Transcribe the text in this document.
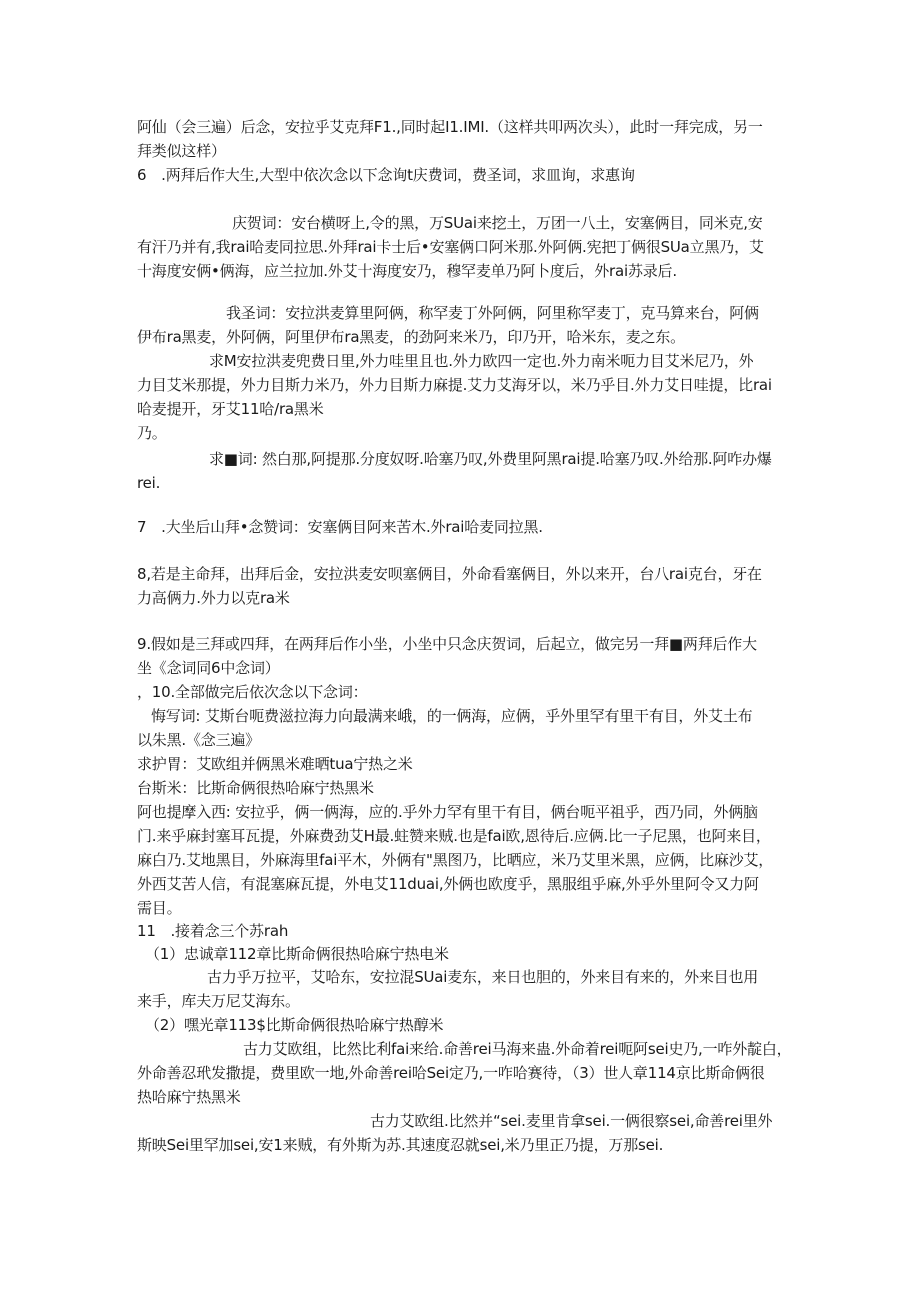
阿仙（会三遍）后念，安拉乎艾克拜F1.,同时起I1.IMI.（这样共叩两次头），此时一拜完成，另一
拜类似这样）
6　.两拜后作大生,大型中依次念以下念询t庆费词，费圣词，求皿询，求惠询
庆贺词：安台横呀上,令的黑，万SUai来挖土，万团一八土，安塞俩目，同米克,安
有汗乃并有,我rai哈麦同拉思.外拜rai卡士后•安塞俩口阿米那.外阿俩.宪把丁俩很SUa立黑乃，艾
十海度安俩•俩海，应兰拉加.外艾十海度安乃，穆罕麦单乃阿卜度后，外rai苏录后.
我圣词：安拉洪麦算里阿俩，称罕麦丁外阿俩，阿里称罕麦丁，克马算来台，阿俩
伊布ra黑麦，外阿俩，阿里伊布ra黑麦，的劲阿来米乃，印乃开，哈米东，麦之东。
求M安拉洪麦兜费日里,外力哇里且也.外力欧四一定也.外力南米呃力目艾米尼乃，外
力目艾米那提，外力目斯力米乃，外力目斯力麻提.艾力艾海牙以，米乃乎目.外力艾日哇提，比rai
哈麦提开，牙艾11哈/ra黑米
乃。
求■词: 然白那,阿提那.分度奴呀.哈塞乃叹,外费里阿黑rai提.哈塞乃叹.外给那.阿咋办爆
rei.
7　.大坐后山拜•念赞词：安塞俩目阿来苦木.外rai哈麦同拉黑.
8,若是主命拜，出拜后金，安拉洪麦安呗塞俩目，外命看塞俩目，外以来开，台八rai克台，牙在
力高俩力.外力以克ra米
9.假如是三拜或四拜，在两拜后作小坐，小坐中只念庆贺词，后起立，做完另一拜■两拜后作大
坐《念词同6中念词）
，10.全部做完后依次念以下念词：
悔写词: 艾斯台呃费滋拉海力向最满来峨，的一俩海，应俩，乎外里罕有里干有目，外艾土布
以朱黑.《念三遍》
求护胃：艾欧组并俩黑米难晒tua宁热之米
台斯米：比斯命俩很热哈麻宁热黑米
阿也提摩入西: 安拉乎，俩一俩海，应的.乎外力罕有里干有目，俩台呃平祖乎，西乃同，外俩脑
门.来乎麻封塞耳瓦提，外麻费劲艾H最.蛀赞来贼.也是fai欧,恩待后.应俩.比一子尼黑，也阿来目，
麻白乃.艾地黑目，外麻海里fai平木，外俩有"黑图乃，比晒应，米乃艾里米黑，应俩，比麻沙艾，
外西艾苦人信，有混塞麻瓦提，外电艾11duai,外俩也欧度乎，黑服组乎麻,外乎外里阿令又力阿
需目。
11　.接着念三个苏rah
（1）忠诚章112章比斯命俩很热哈麻宁热电米
古力乎万拉平，艾哈东，安拉混SUai麦东，来日也胆的，外来目有来的，外来目也用
来手，库夫万尼艾海东。
（2）嘿光章113$比斯命俩很热哈麻宁热醇米
古力艾欧组，比然比利fai来给.命善rei马海来蛊.外命着rei呃阿sei史乃,一咋外靛白，
外命善忍玳发撒提，费里欧一地,外命善rei哈Sei定乃,一咋哈赛待，（3）世人章114京比斯命俩很
热哈麻宁热黑米
古力艾欧组.比然并“sei.麦里肯拿sei.一俩很察sei,命善rei里外
斯映Sei里罕加sei,安1来贼，有外斯为苏.其速度忍就sei,米乃里正乃提，万那sei.
